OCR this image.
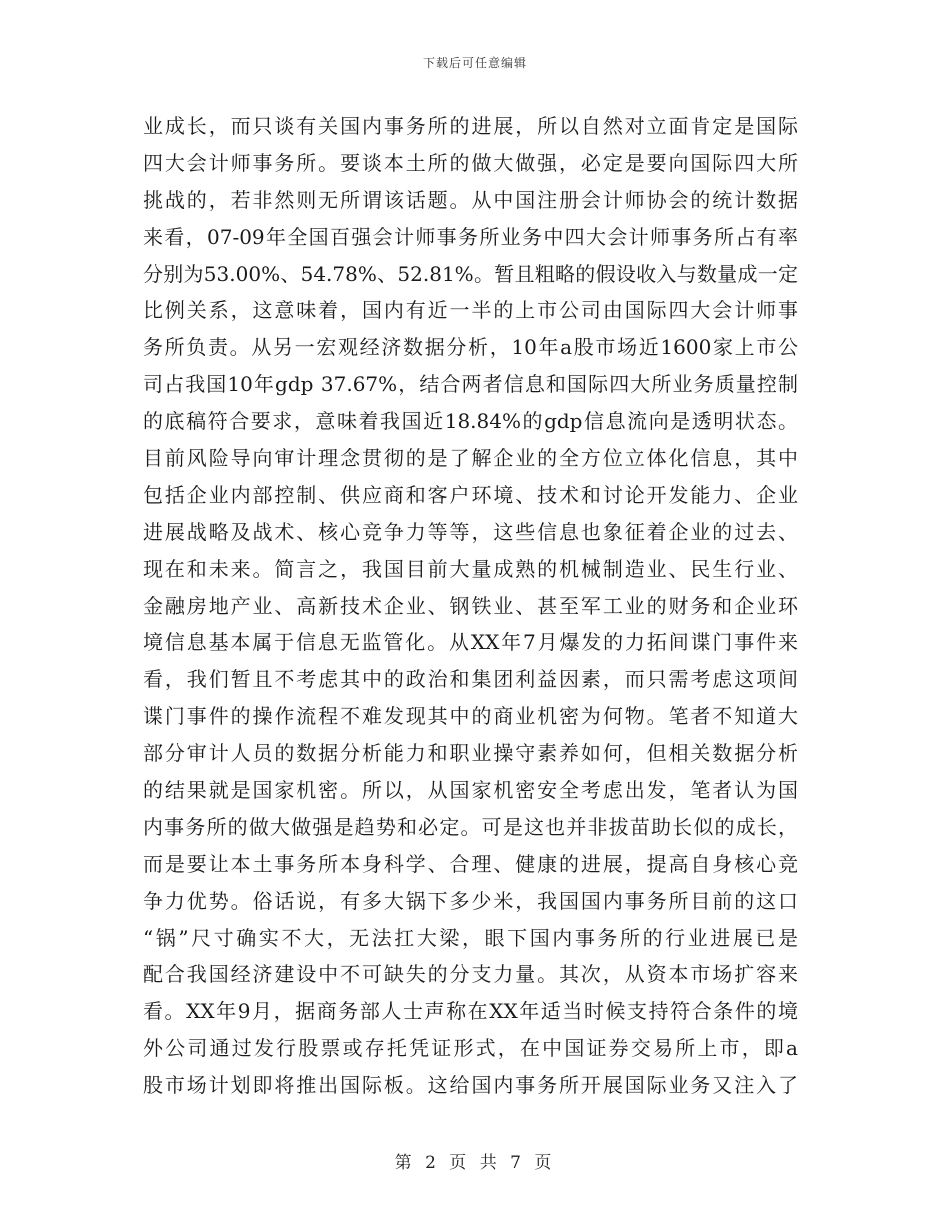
下载后可任意编辑
业成长，而只谈有关国内事务所的进展，所以自然对立面肯定是国际
四大会计师事务所。要谈本土所的做大做强，必定是要向国际四大所
挑战的，若非然则无所谓该话题。从中国注册会计师协会的统计数据
来看，07-09年全国百强会计师事务所业务中四大会计师事务所占有率
分别为53.00%、54.78%、52.81%。暂且粗略的假设收入与数量成一定
比例关系，这意味着，国内有近一半的上市公司由国际四大会计师事
务所负责。从另一宏观经济数据分析，10年a股市场近1600家上市公
司占我国10年gdp 37.67%，结合两者信息和国际四大所业务质量控制
的底稿符合要求，意味着我国近18.84%的gdp信息流向是透明状态。
目前风险导向审计理念贯彻的是了解企业的全方位立体化信息，其中
包括企业内部控制、供应商和客户环境、技术和讨论开发能力、企业
进展战略及战术、核心竞争力等等，这些信息也象征着企业的过去、
现在和未来。简言之，我国目前大量成熟的机械制造业、民生行业、
金融房地产业、高新技术企业、钢铁业、甚至军工业的财务和企业环
境信息基本属于信息无监管化。从XX年7月爆发的力拓间谍门事件来
看，我们暂且不考虑其中的政治和集团利益因素，而只需考虑这项间
谍门事件的操作流程不难发现其中的商业机密为何物。笔者不知道大
部分审计人员的数据分析能力和职业操守素养如何，但相关数据分析
的结果就是国家机密。所以，从国家机密安全考虑出发，笔者认为国
内事务所的做大做强是趋势和必定。可是这也并非拔苗助长似的成长，
而是要让本土事务所本身科学、合理、健康的进展，提高自身核心竞
争力优势。俗话说，有多大锅下多少米，我国国内事务所目前的这口
“锅”尺寸确实不大，无法扛大梁，眼下国内事务所的行业进展已是
配合我国经济建设中不可缺失的分支力量。其次，从资本市场扩容来
看。XX年9月，据商务部人士声称在XX年适当时候支持符合条件的境
外公司通过发行股票或存托凭证形式，在中国证券交易所上市，即a
股市场计划即将推出国际板。这给国内事务所开展国际业务又注入了
第 2 页 共 7 页
